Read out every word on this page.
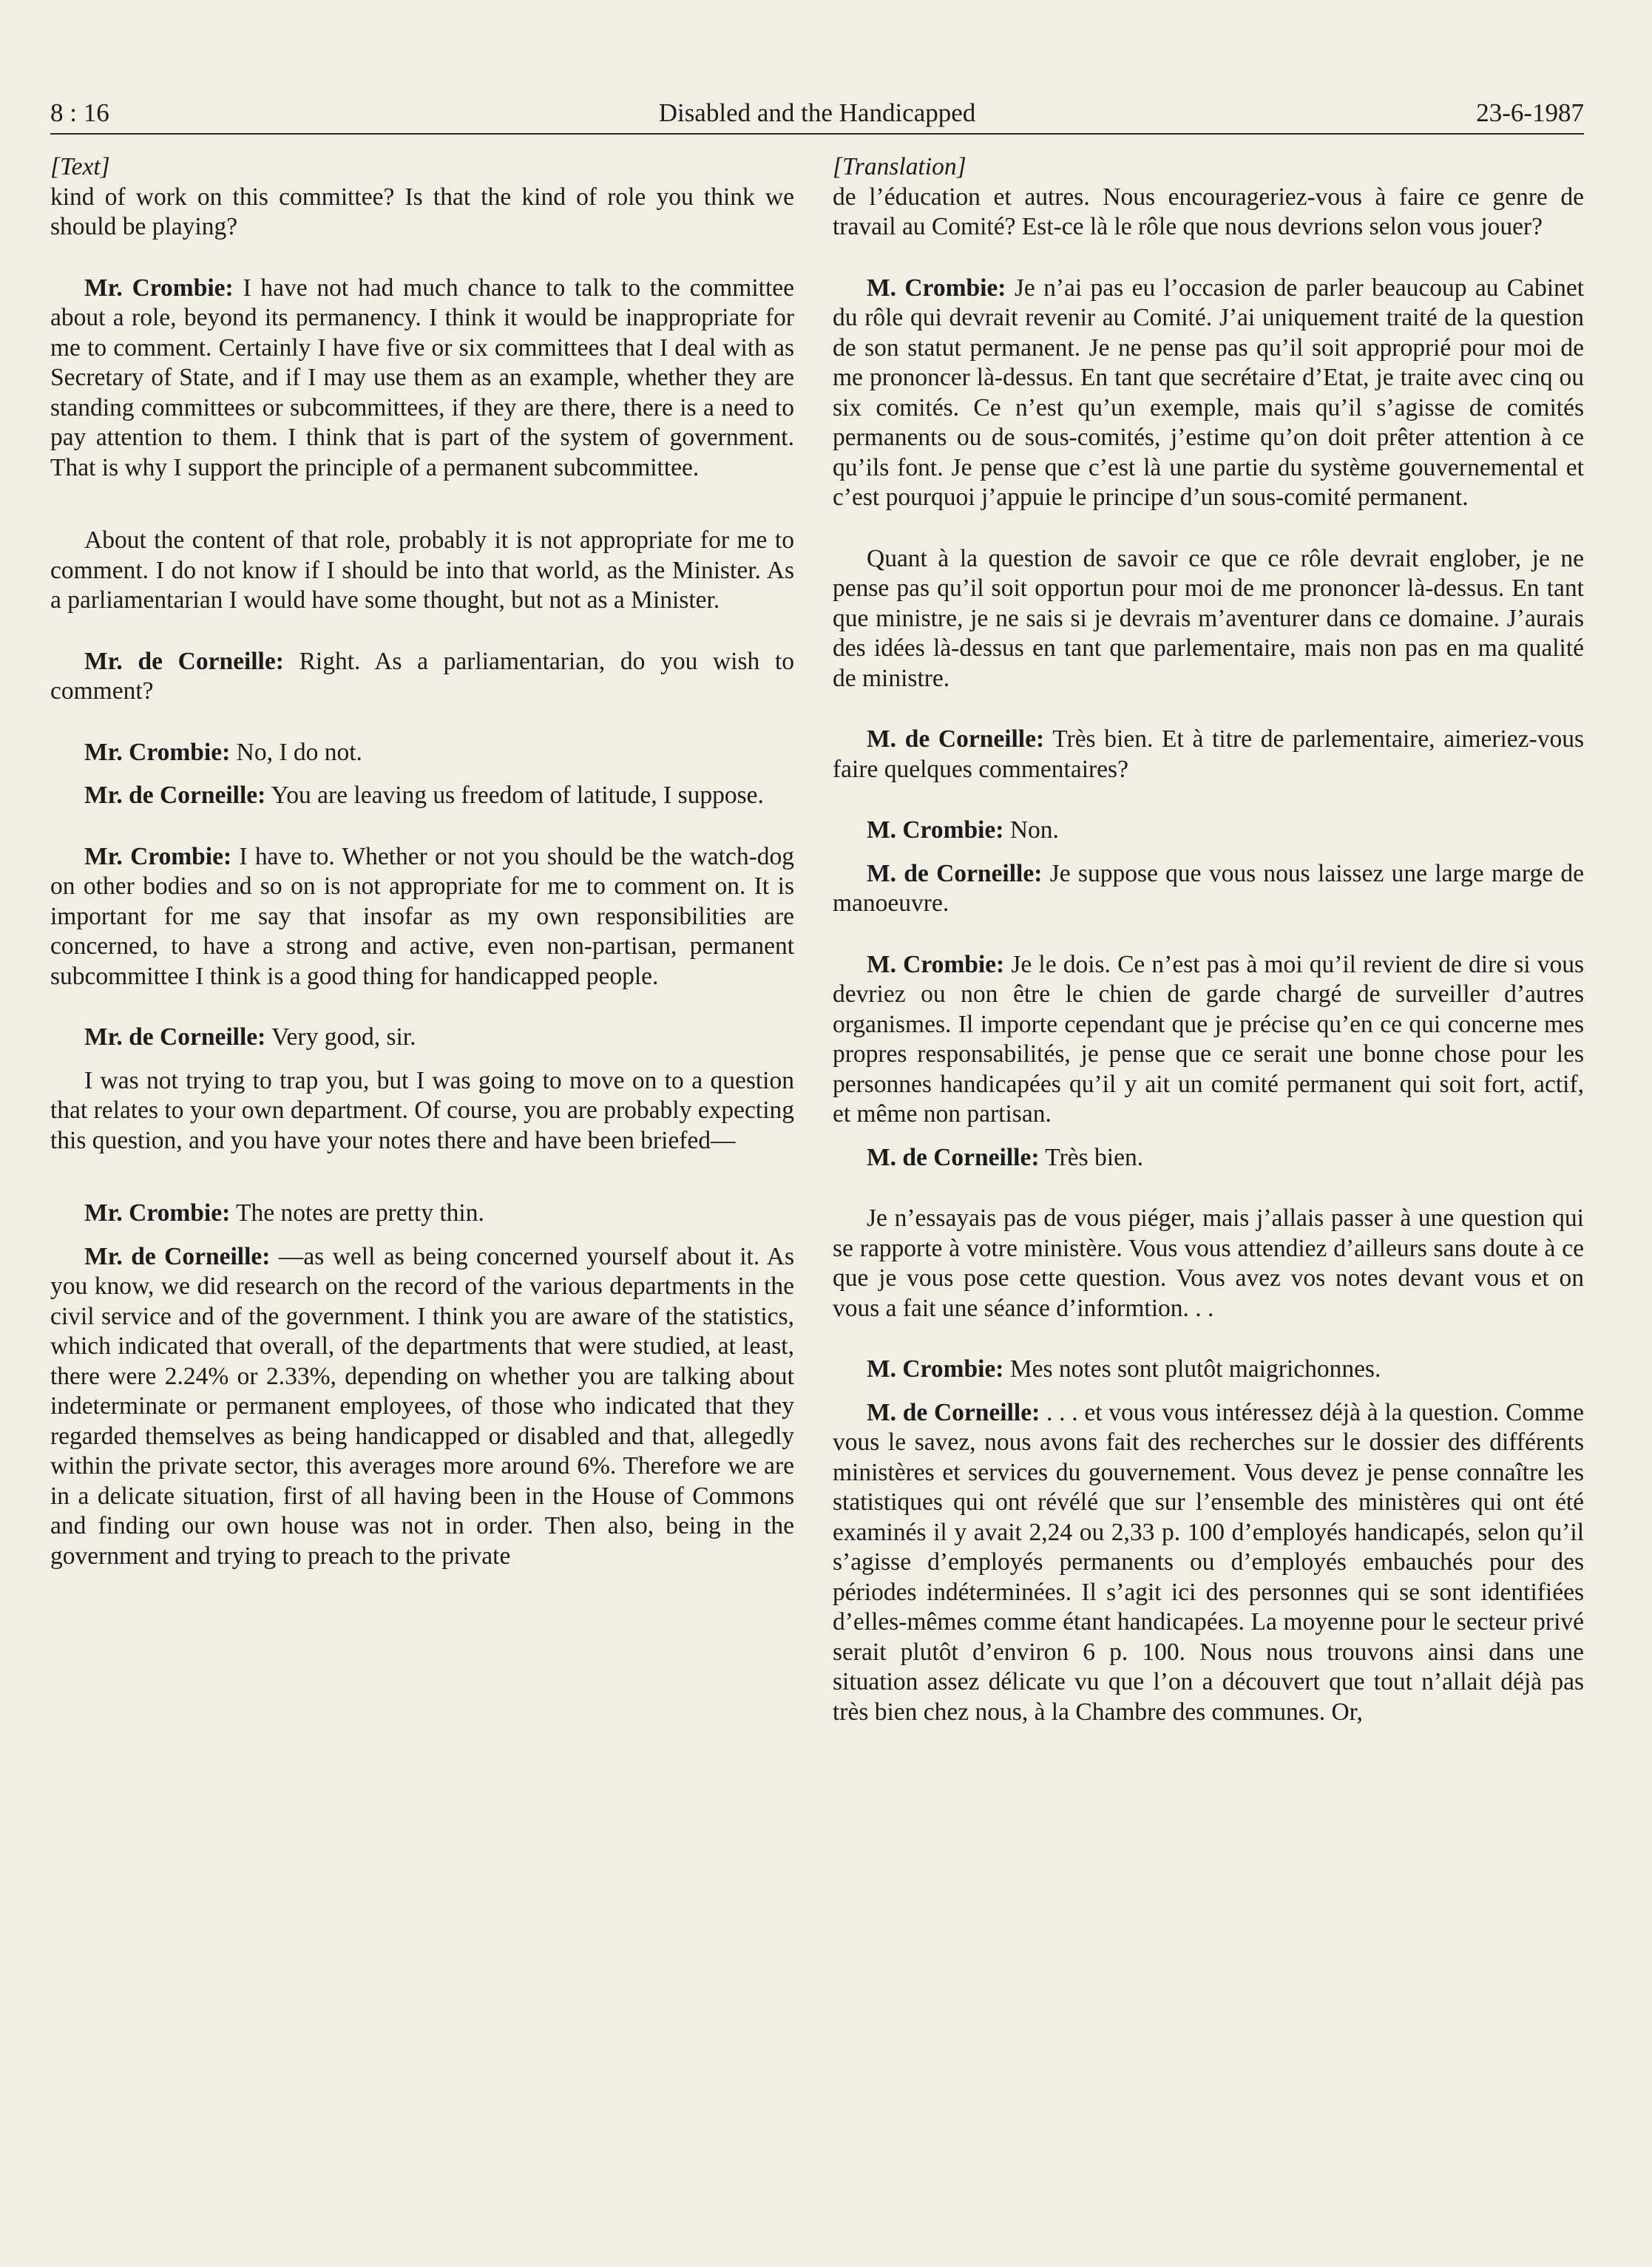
8 : 16	Disabled and the Handicapped	23-6-1987
[Text]

kind of work on this committee? Is that the kind of role you think we should be playing?

Mr. Crombie: I have not had much chance to talk to the committee about a role, beyond its permanency. I think it would be inappropriate for me to comment. Certainly I have five or six committees that I deal with as Secretary of State, and if I may use them as an example, whether they are standing committees or subcommittees, if they are there, there is a need to pay attention to them. I think that is part of the system of government. That is why I support the principle of a permanent subcommittee.

About the content of that role, probably it is not appropriate for me to comment. I do not know if I should be into that world, as the Minister. As a parliamentarian I would have some thought, but not as a Minister.

Mr. de Corneille: Right. As a parliamentarian, do you wish to comment?

Mr. Crombie: No, I do not.

Mr. de Corneille: You are leaving us freedom of latitude, I suppose.

Mr. Crombie: I have to. Whether or not you should be the watch-dog on other bodies and so on is not appropriate for me to comment on. It is important for me say that insofar as my own responsibilities are concerned, to have a strong and active, even non-partisan, permanent subcommittee I think is a good thing for handicapped people.

Mr. de Corneille: Very good, sir.

I was not trying to trap you, but I was going to move on to a question that relates to your own department. Of course, you are probably expecting this question, and you have your notes there and have been briefed—

Mr. Crombie: The notes are pretty thin.

Mr. de Corneille: —as well as being concerned yourself about it. As you know, we did research on the record of the various departments in the civil service and of the government. I think you are aware of the statistics, which indicated that overall, of the departments that were studied, at least, there were 2.24% or 2.33%, depending on whether you are talking about indeterminate or permanent employees, of those who indicated that they regarded themselves as being handicapped or disabled and that, allegedly within the private sector, this averages more around 6%. Therefore we are in a delicate situation, first of all having been in the House of Commons and finding our own house was not in order. Then also, being in the government and trying to preach to the private

[Translation]

de l’éducation et autres. Nous encourageriez-vous à faire ce genre de travail au Comité? Est-ce là le rôle que nous devrions selon vous jouer?

M. Crombie: Je n’ai pas eu l’occasion de parler beaucoup au Cabinet du rôle qui devrait revenir au Comité. J’ai uniquement traité de la question de son statut permanent. Je ne pense pas qu’il soit approprié pour moi de me prononcer là-dessus. En tant que secrétaire d’Etat, je traite avec cinq ou six comités. Ce n’est qu’un exemple, mais qu’il s’agisse de comités permanents ou de sous-comités, j’estime qu’on doit prêter attention à ce qu’ils font. Je pense que c’est là une partie du système gouvernemental et c’est pourquoi j’appuie le principe d’un sous-comité permanent.

Quant à la question de savoir ce que ce rôle devrait englober, je ne pense pas qu’il soit opportun pour moi de me prononcer là-dessus. En tant que ministre, je ne sais si je devrais m’aventurer dans ce domaine. J’aurais des idées là-dessus en tant que parlementaire, mais non pas en ma qualité de ministre.

M. de Corneille: Très bien. Et à titre de parlementaire, aimeriez-vous faire quelques commentaires?

M. Crombie: Non.

M. de Corneille: Je suppose que vous nous laissez une large marge de manoeuvre.

M. Crombie: Je le dois. Ce n’est pas à moi qu’il revient de dire si vous devriez ou non être le chien de garde chargé de surveiller d’autres organismes. Il importe cependant que je précise qu’en ce qui concerne mes propres responsabilités, je pense que ce serait une bonne chose pour les personnes handicapées qu’il y ait un comité permanent qui soit fort, actif, et même non partisan.

M. de Corneille: Très bien.

Je n’essayais pas de vous piéger, mais j’allais passer à une question qui se rapporte à votre ministère. Vous vous attendiez d’ailleurs sans doute à ce que je vous pose cette question. Vous avez vos notes devant vous et on vous a fait une séance d’informtion. . .

M. Crombie: Mes notes sont plutôt maigrichonnes.

M. de Corneille: . . . et vous vous intéressez déjà à la question. Comme vous le savez, nous avons fait des recherches sur le dossier des différents ministères et services du gouvernement. Vous devez je pense connaître les statistiques qui ont révélé que sur l’ensemble des ministères qui ont été examinés il y avait 2,24 ou 2,33 p. 100 d’employés handicapés, selon qu’il s’agisse d’employés permanents ou d’employés embauchés pour des périodes indéterminées. Il s’agit ici des personnes qui se sont identifiées d’elles-mêmes comme étant handicapées. La moyenne pour le secteur privé serait plutôt d’environ 6 p. 100. Nous nous trouvons ainsi dans une situation assez délicate vu que l’on a découvert que tout n’allait déjà pas très bien chez nous, à la Chambre des communes. Or,
